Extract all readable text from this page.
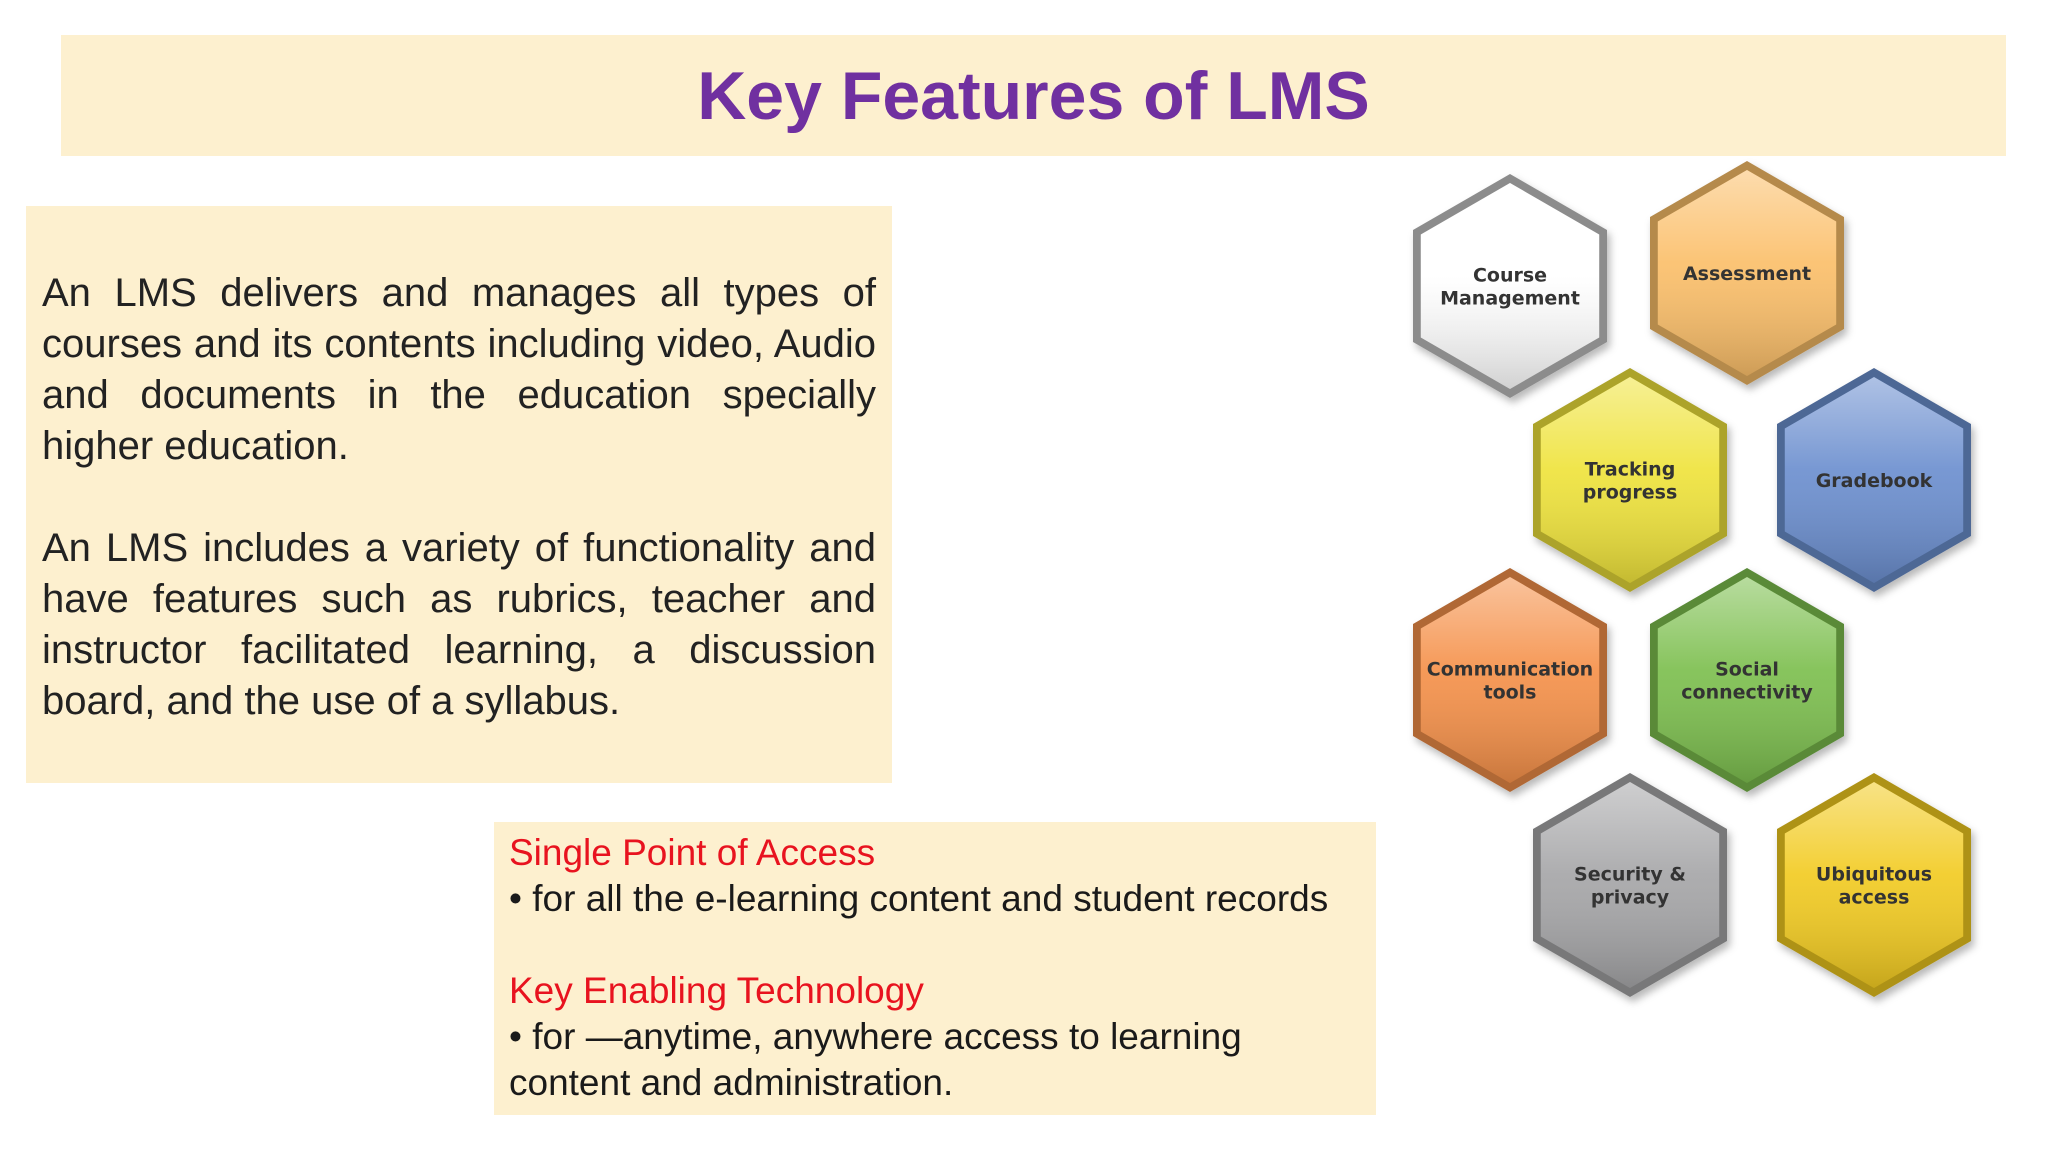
Key Features of LMS

An LMS delivers and manages all types of courses and its contents including video, Audio and documents in the education specially higher education.

An LMS includes a variety of functionality and have features such as rubrics, teacher and instructor facilitated learning, a discussion board, and the use of a syllabus.

Single Point of Access
• for all the e-learning content and student records
Key Enabling Technology
• for —anytime, anywhere access to learning content and administration.
Course
Management
Assessment
Tracking
progress
Gradebook
Communication
tools
Social
connectivity
Security &
privacy
Ubiquitous
access
